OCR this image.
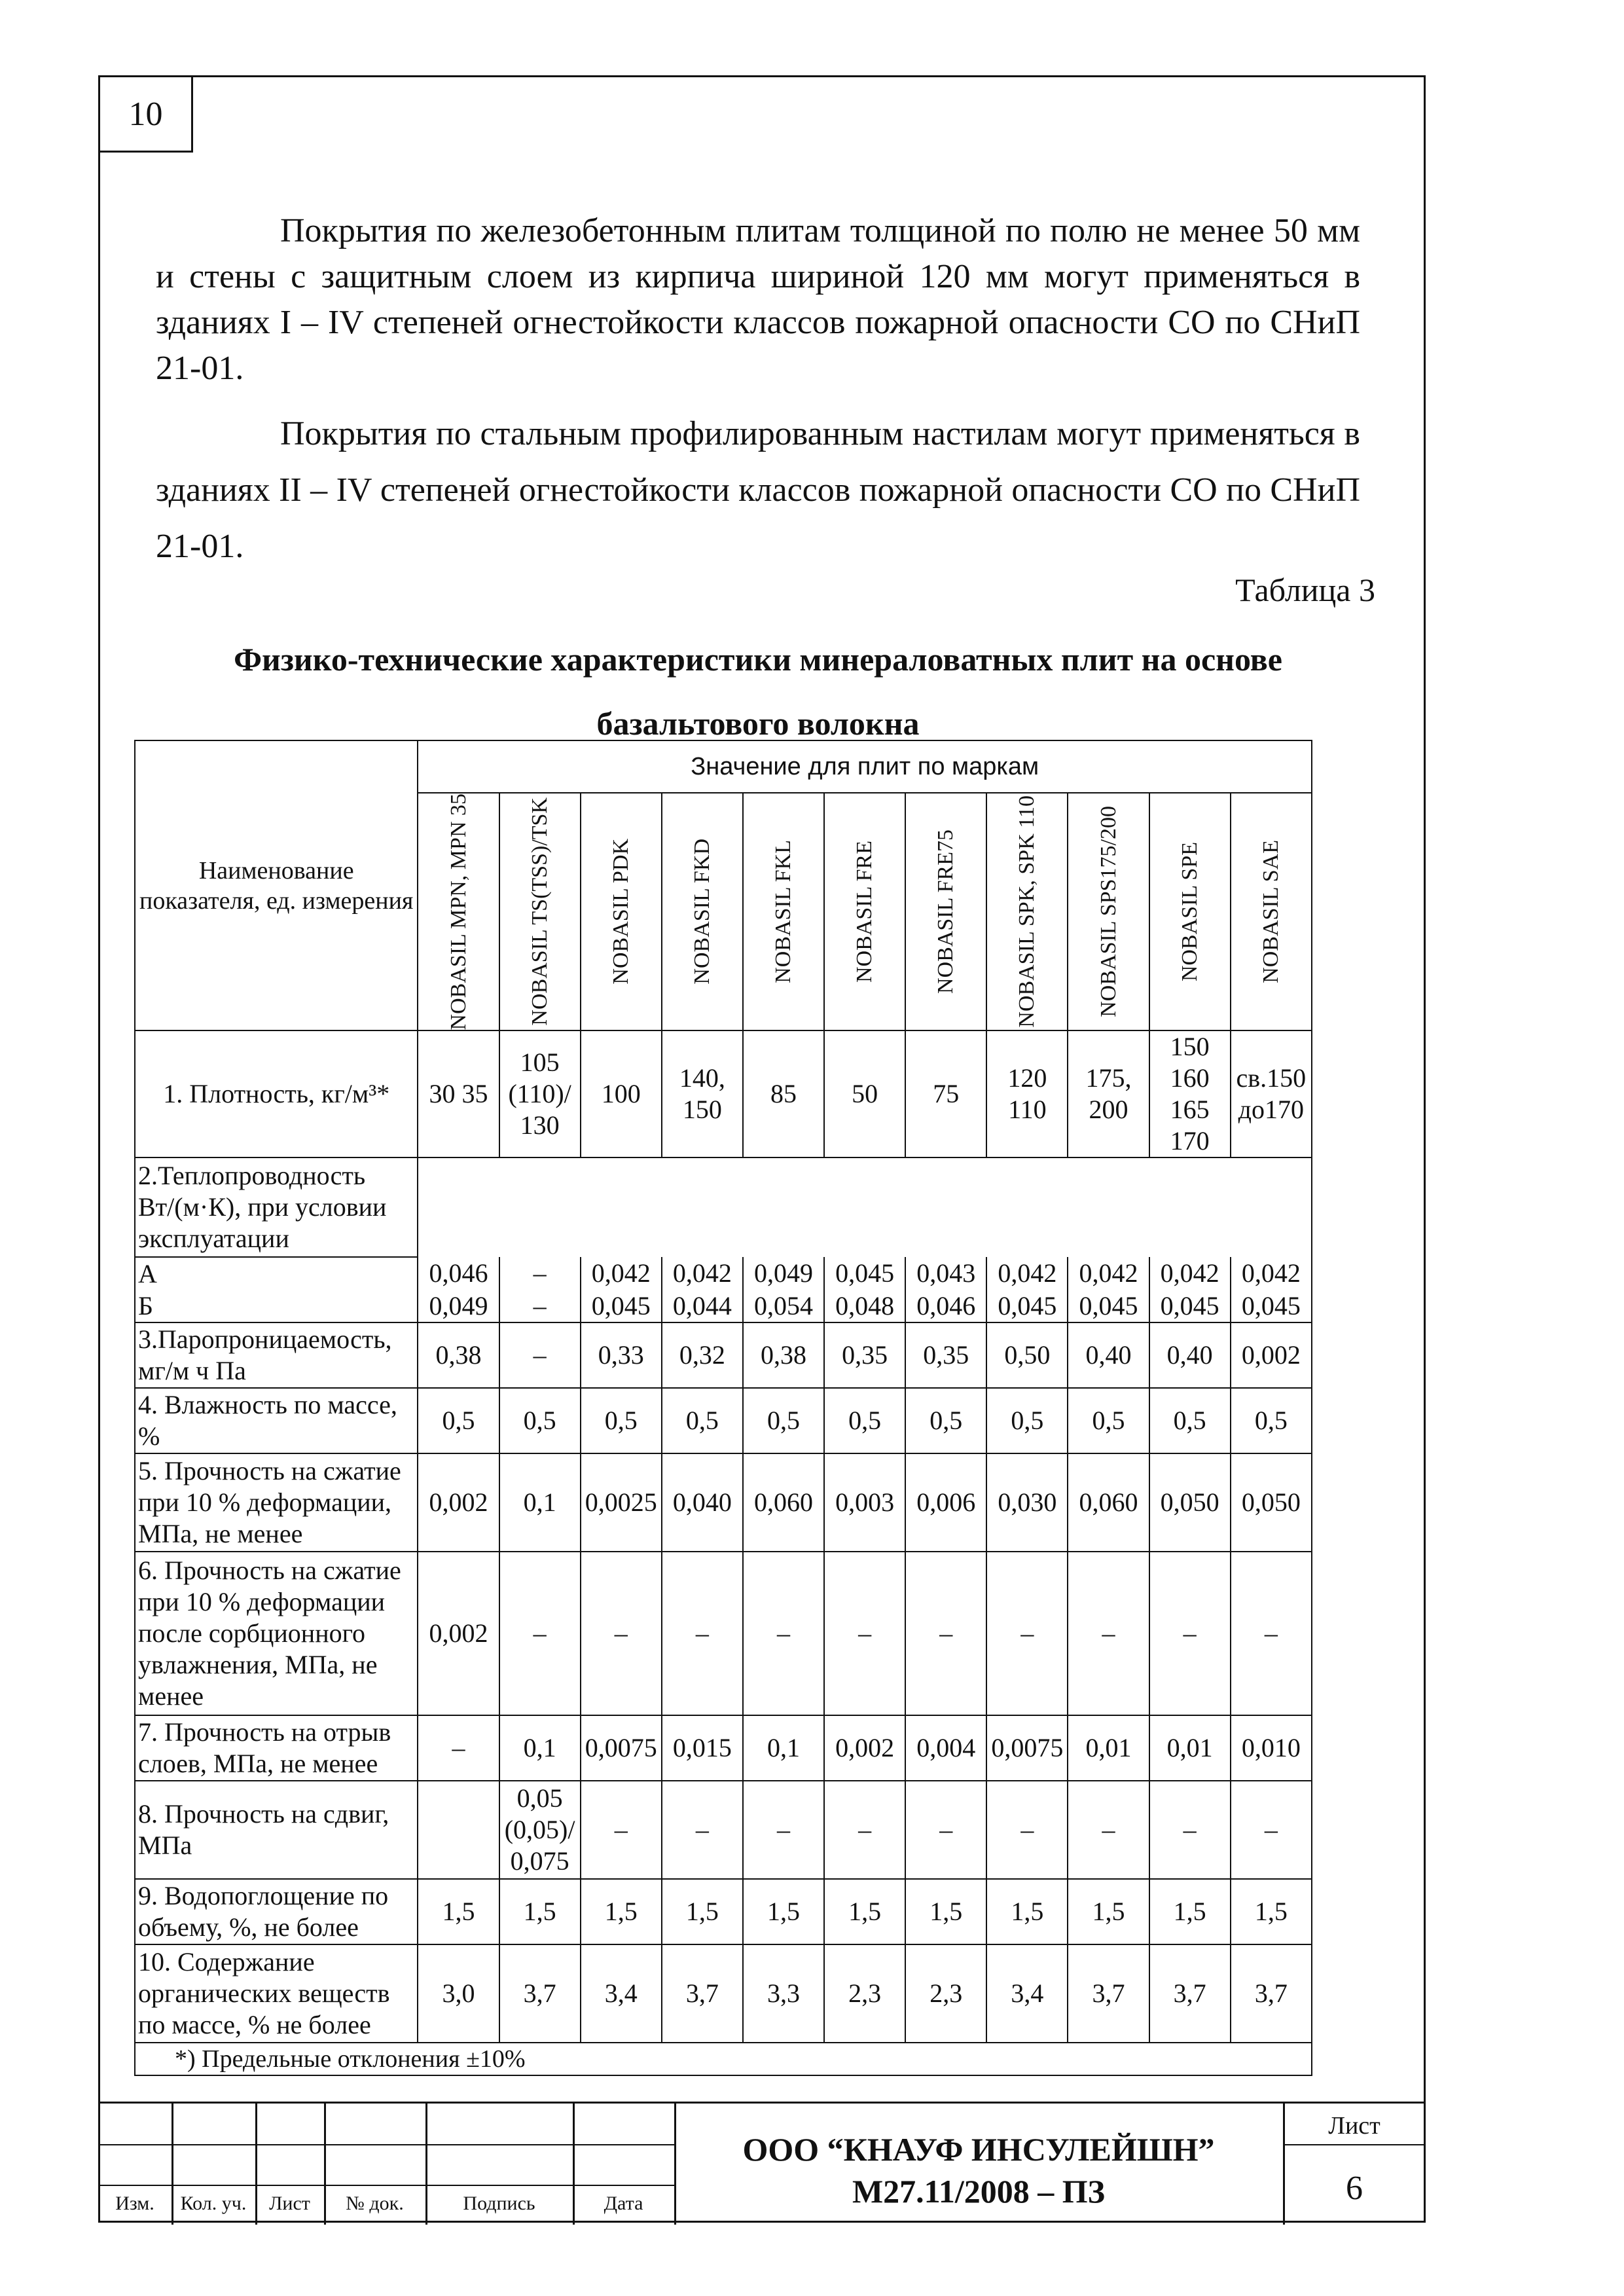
10

Покрытия по железобетонным плитам толщиной по полю не менее 50 мм и стены с защитным слоем из кирпича шириной 120 мм могут применяться в зданиях I – IV степеней огнестойкости классов пожарной опасности СО по СНиП 21-01.

Покрытия по стальным профилированным настилам могут применяться в зданиях II – IV степеней огнестойкости классов пожарной опасности СО по СНиП 21-01.

Таблица 3
Физико-технические характеристики минераловатных плит на основе
базальтового волокна
Наименование показателя, ед. измерения	Значение для плит по маркам										

	NOBASIL MPN, MPN 35	NOBASIL TS(TSS)/TSK	NOBASIL PDK	NOBASIL FKD	NOBASIL FKL	NOBASIL FRE	NOBASIL FRE75	NOBASIL SPK, SPK 110	NOBASIL SPS175/200	NOBASIL SPE	NOBASIL SAE

1. Плотность, кг/м³*	30 35	105 (110)/ 130	100	140, 150	85	50	75	120 110	175, 200	150 160 165 170	св.150 до170
2.Теплопроводность Вт/(м·К), при условии эксплуатации											
А	0,046	–	0,042	0,042	0,049	0,045	0,043	0,042	0,042	0,042	0,042
Б	0,049	–	0,045	0,044	0,054	0,048	0,046	0,045	0,045	0,045	0,045
3.Паропроницаемость, мг/м ч Па	0,38	–	0,33	0,32	0,38	0,35	0,35	0,50	0,40	0,40	0,002
4. Влажность по массе, %	0,5	0,5	0,5	0,5	0,5	0,5	0,5	0,5	0,5	0,5	0,5
5. Прочность на сжатие при 10 % деформации, МПа, не менее	0,002	0,1	0,0025	0,040	0,060	0,003	0,006	0,030	0,060	0,050	0,050
6. Прочность на сжатие при 10 % деформации после сорбционного увлажнения, МПа, не менее	0,002	–	–	–	–	–	–	–	–	–	–
7. Прочность на отрыв слоев, МПа, не менее	–	0,1	0,0075	0,015	0,1	0,002	0,004	0,0075	0,01	0,01	0,010
8. Прочность на сдвиг, МПа		0,05 (0,05)/ 0,075	–	–	–	–	–	–	–	–	–
9. Водопоглощение по объему, %, не более	1,5	1,5	1,5	1,5	1,5	1,5	1,5	1,5	1,5	1,5	1,5
10. Содержание органических веществ по массе, % не более	3,0	3,7	3,4	3,7	3,3	2,3	2,3	3,4	3,7	3,7	3,7
*) Предельные отклонения ±10%											
Изм.	Кол. уч.	Лист	№ док.	Подпись	Дата
ООО “КНАУФ ИНСУЛЕЙШН”
М27.11/2008 – ПЗ
Лист
6
